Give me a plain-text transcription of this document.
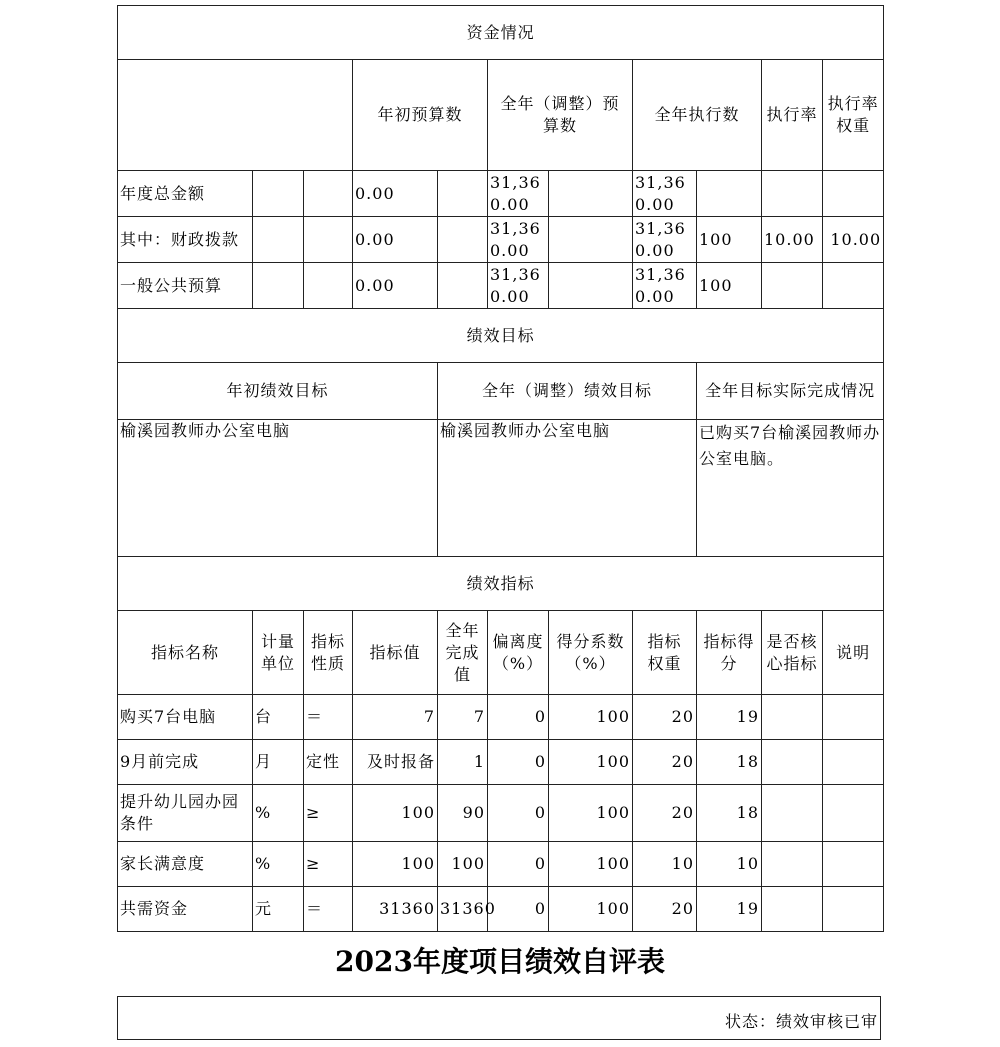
资金情况											
			年初预算数		全年（调整）预算数		全年执行数		执行率	执行率权重	
年度总金额			0.00		31,360.00		31,360.00				
其中：财政拨款			0.00		31,360.00		31,360.00	100	10.00	10.00	
一般公共预算			0.00		31,360.00		31,360.00	100			
绩效目标											
年初绩效目标				全年（调整）绩效目标				全年目标实际完成情况			
榆溪园教师办公室电脑				榆溪园教师办公室电脑				已购买7台榆溪园教师办公室电脑。			
绩效指标											
指标名称	计量单位	指标性质	指标值	全年完成值	偏离度（%）	得分系数（%）	指标权重	指标得分	是否核心指标	说明	
购买7台电脑	台	＝	7	7	0	100	20	19			
9月前完成	月	定性	及时报备	1	0	100	20	18			
提升幼儿园办园条件	%	≥	100	90	0	100	20	18			
家长满意度	%	≥	100	100	0	100	10	10			
共需资金	元	＝	31360	31360	0	100	20	19			
2023年度项目绩效自评表
状态：绩效审核已审
